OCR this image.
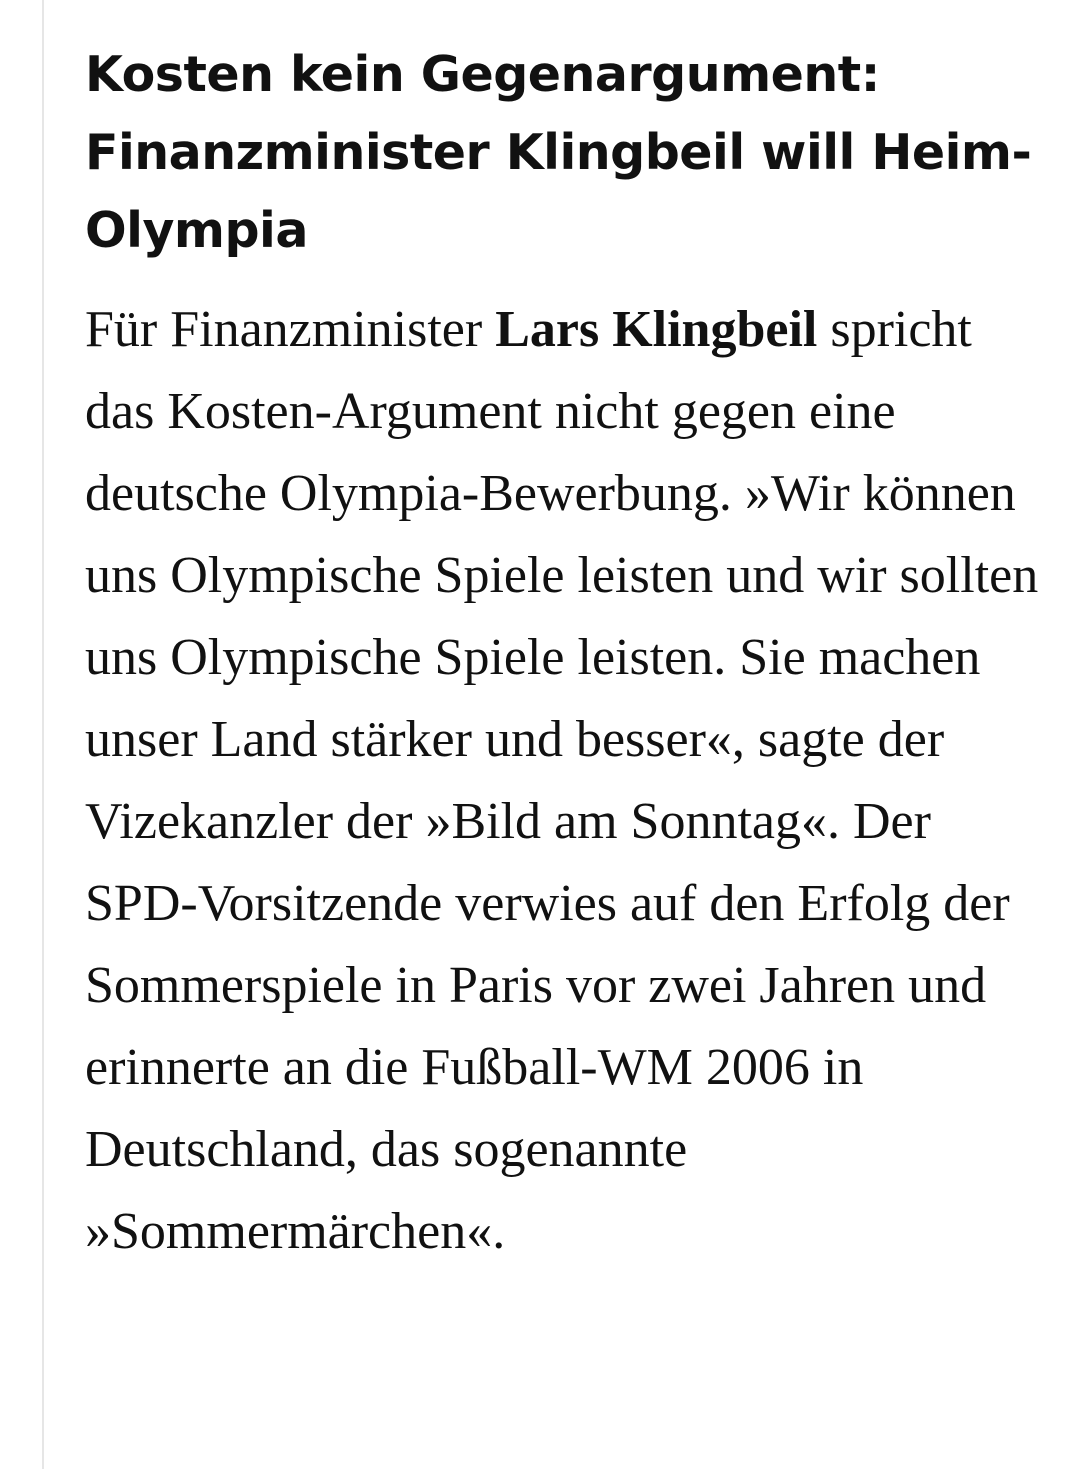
Kosten kein Gegenargument: Finanzminister Klingbeil will Heim-Olympia

Für Finanzminister Lars Klingbeil spricht das Kosten-Argument nicht gegen eine deutsche Olympia-Bewerbung. »Wir können uns Olympische Spiele leisten und wir sollten uns Olympische Spiele leisten. Sie machen unser Land stärker und besser«, sagte der Vizekanzler der »Bild am Sonntag«. Der SPD-Vorsitzende verwies auf den Erfolg der Sommerspiele in Paris vor zwei Jahren und erinnerte an die Fußball-WM 2006 in Deutschland, das sogenannte »Sommermärchen«.
